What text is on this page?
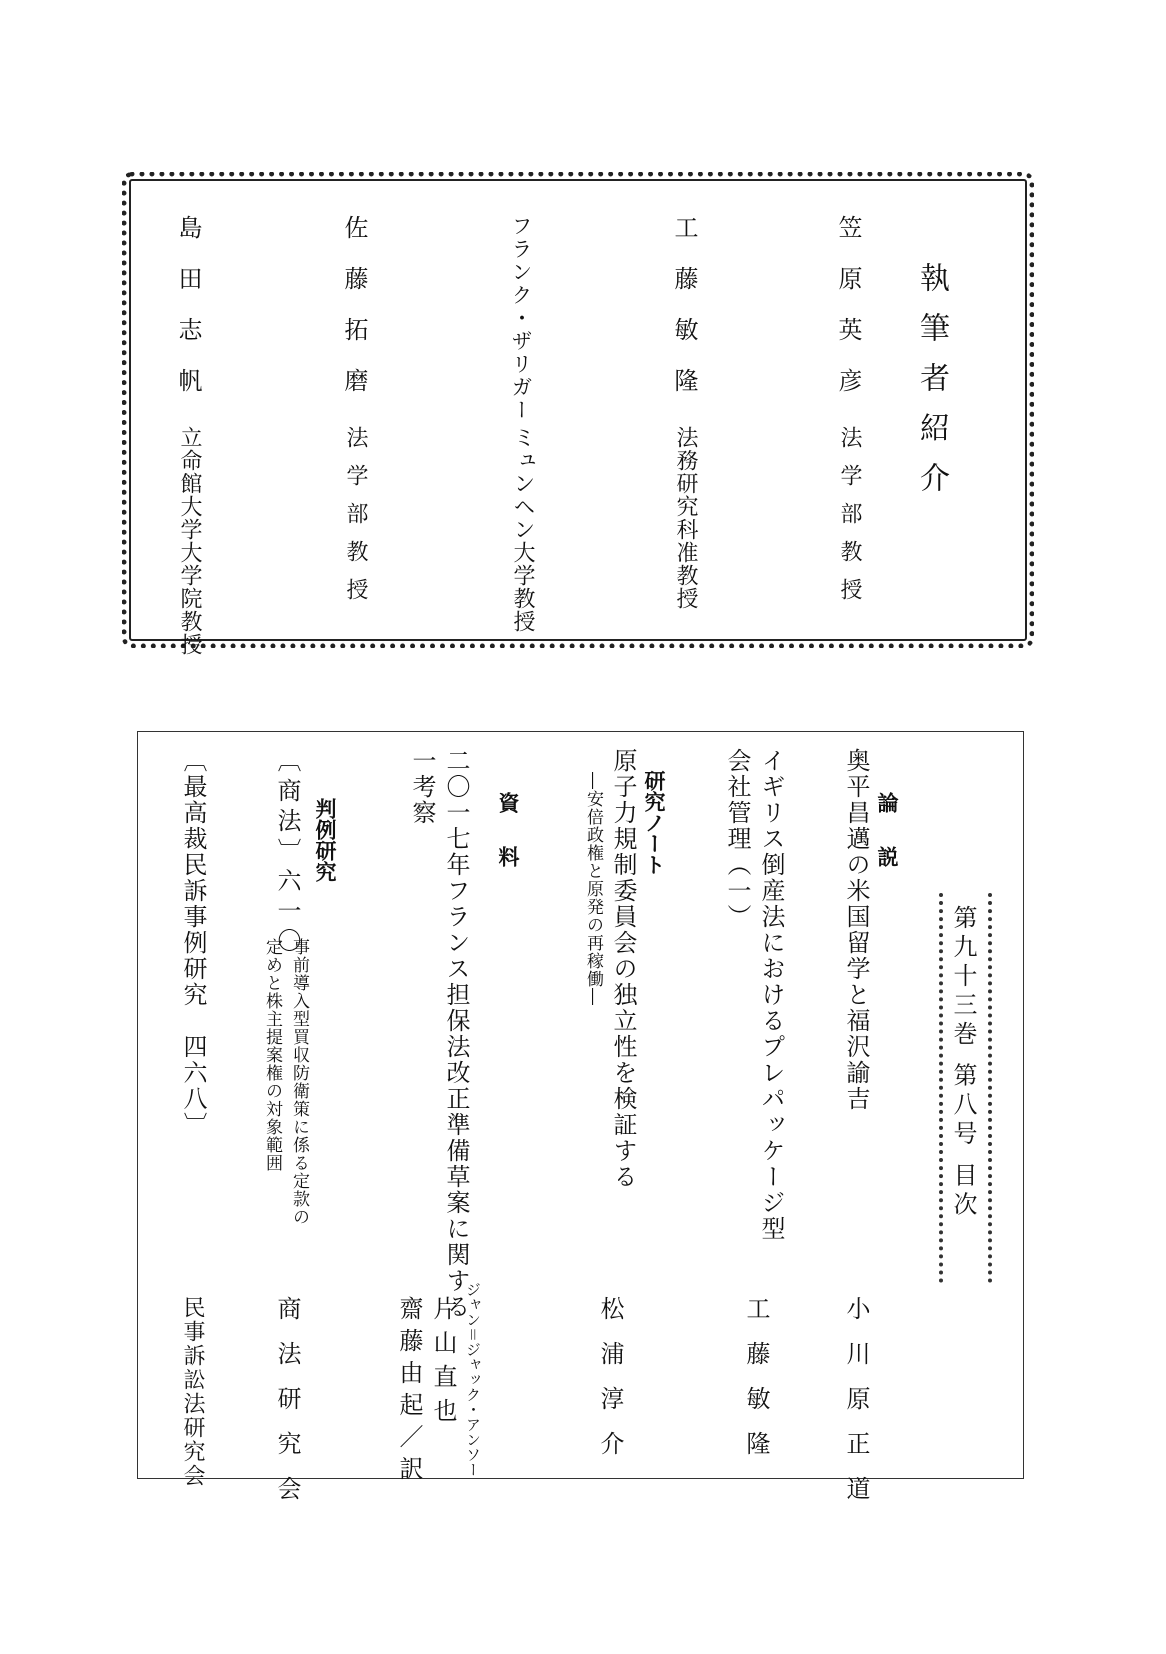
執筆者紹介
笠原英彦
法学部教授
工藤敏隆
法務研究科准教授
フランク・ザリガー
ミュンヘン大学教授
佐藤拓磨
法学部教授
島田志帆
立命館大学大学院教授
第九十三巻 第八号 目次
論　説
奥平昌邁の米国留学と福沢諭吉
小川原正道
イギリス倒産法におけるプレパッケージ型
会社管理（一）
工藤敏隆
研究ノート
原子力規制委員会の独立性を検証する
―安倍政権と原発の再稼働―
松浦淳介
資　料
二〇一七年フランス担保法改正準備草案に関する
一考察
ジャン＝ジャック・アンソー
片山直也
齋藤由起／訳
判例研究
〔商法〕六一〇
事前導入型買収防衛策に係る定款の
定めと株主提案権の対象範囲
商法研究会
〔最高裁民訴事例研究　四六八〕
民事訴訟法研究会
